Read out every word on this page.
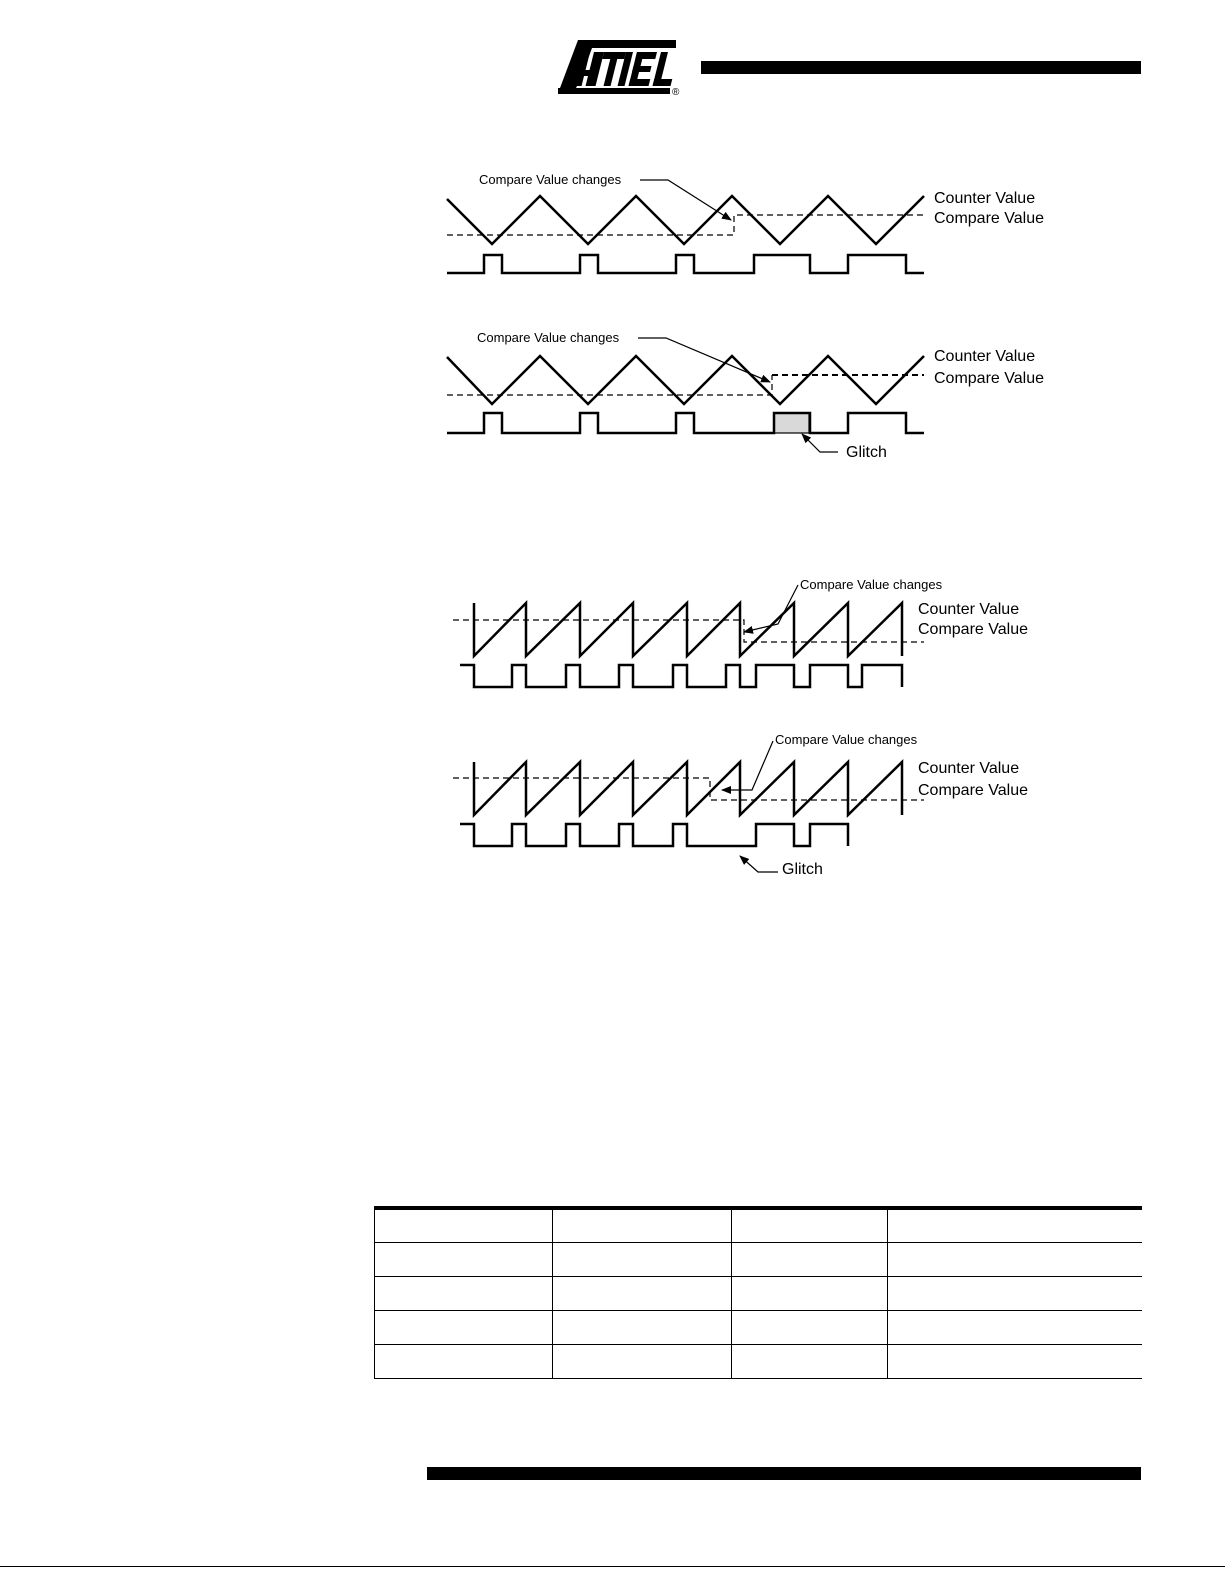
®
Compare Value changes
Counter Value
Compare Value
Compare Value changes
Counter Value
Compare Value
Glitch
Compare Value changes
Counter Value
Compare Value
Compare Value changes
Counter Value
Compare Value
Glitch
